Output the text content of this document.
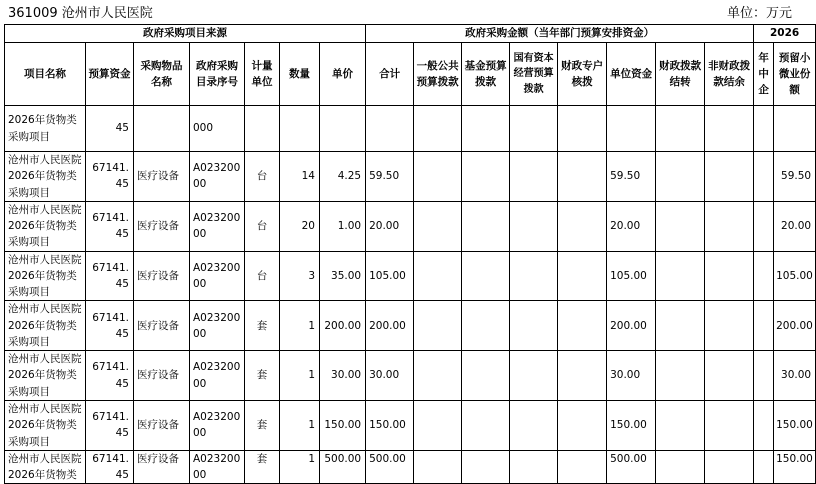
361009 沧州市人民医院	单位：万元
政府采购项目来源							政府采购金额（当年部门预算安排资金）								2026	
项目名称	预算资金	采购物品名称	政府采购目录序号	计量单位	数量	单价	合计	一般公共预算拨款	基金预算拨款	国有资本经营预算拨款	财政专户核拨	单位资金	财政拨款结转	非财政拨款结余	年中企	预留小微业份额
2026年货物类采购项目	45		000													
沧州市人民医院2026年货物类采购项目	67141.45	医疗设备	A02320000	台	14	4.25	59.50					59.50				59.50
沧州市人民医院2026年货物类采购项目	67141.45	医疗设备	A02320000	台	20	1.00	20.00					20.00				20.00
沧州市人民医院2026年货物类采购项目	67141.45	医疗设备	A02320000	台	3	35.00	105.00					105.00				105.00
沧州市人民医院2026年货物类采购项目	67141.45	医疗设备	A02320000	套	1	200.00	200.00					200.00				200.00
沧州市人民医院2026年货物类采购项目	67141.45	医疗设备	A02320000	套	1	30.00	30.00					30.00				30.00
沧州市人民医院2026年货物类采购项目	67141.45	医疗设备	A02320000	套	1	150.00	150.00					150.00				150.00
沧州市人民医院2026年货物类	67141.45	医疗设备	A02320000	套	1	500.00	500.00					500.00				150.00
